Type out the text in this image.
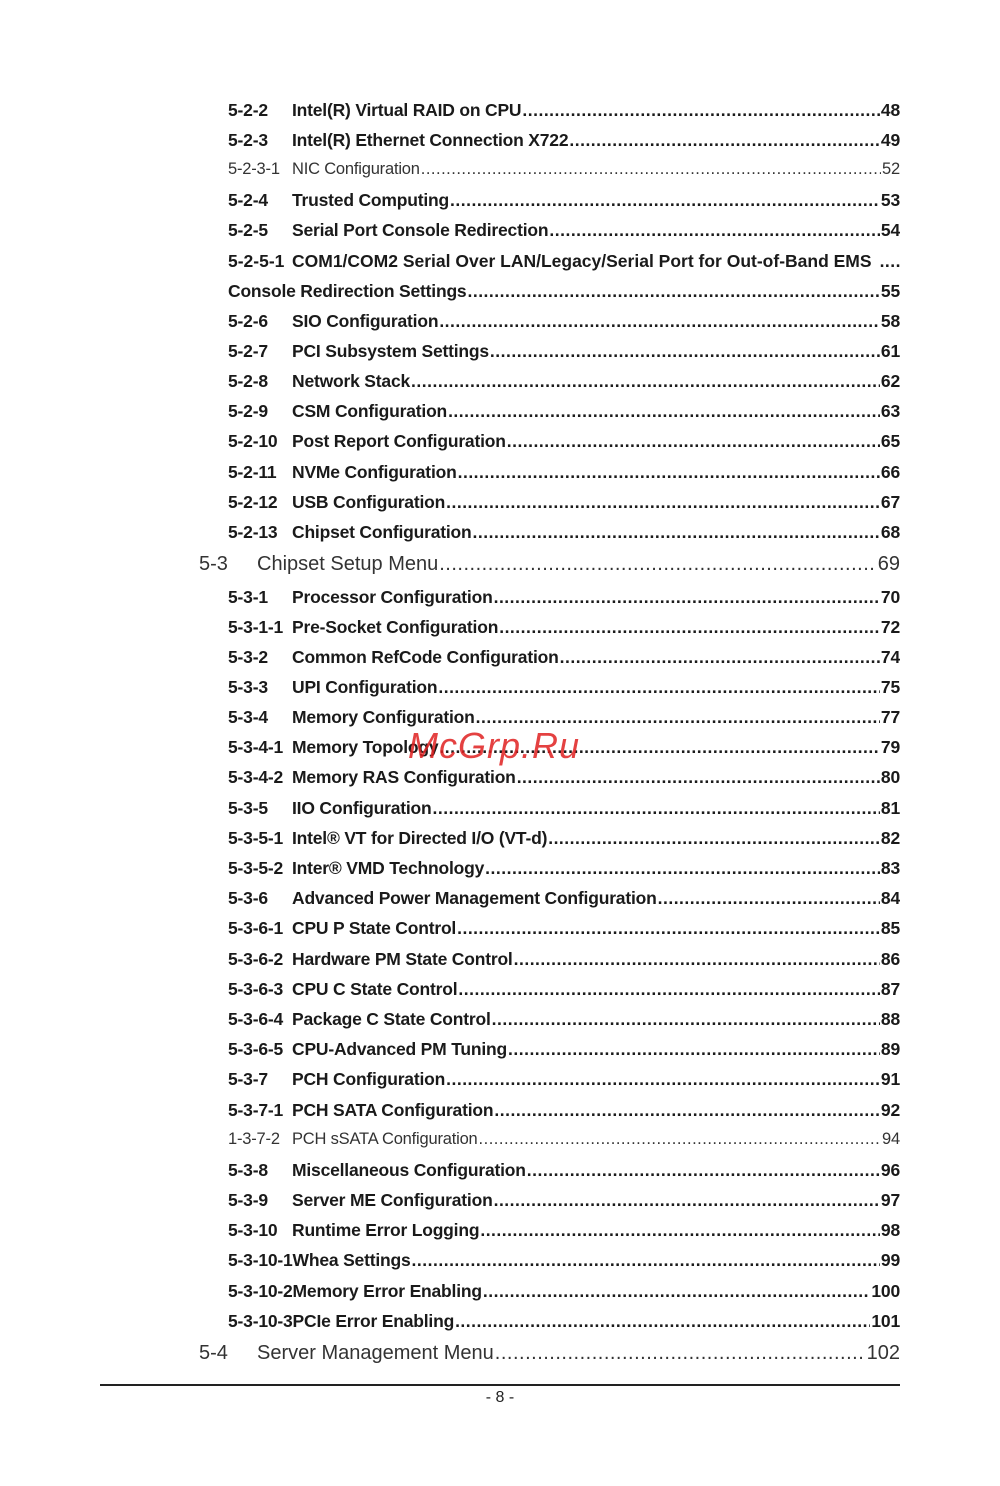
5-2-2	Intel(R) Virtual RAID on CPU .....	48
5-2-3	Intel(R) Ethernet Connection X722 .....	49
5-2-3-1 NIC Configuration .....	52
5-2-4	Trusted Computing .....	53
5-2-5	Serial Port Console Redirection .....	54
5-2-5-1 COM1/COM2 Serial Over LAN/Legacy/Serial Port for Out-of-Band EMS
.....
Console Redirection Settings .....	55
5-2-6	SIO Configuration .....	58
5-2-7	PCI Subsystem Settings .....	61
5-2-8	Network Stack .....	62
5-2-9	CSM Configuration .....	63
5-2-10 Post Report Configuration .....	65
5-2-11 NVMe Configuration .....	66
5-2-12 USB Configuration .....	67
5-2-13 Chipset Configuration .....	68
5-3	Chipset Setup Menu .....	69
5-3-1	Processor Configuration .....	70
5-3-1-1 Pre-Socket Configuration .....	72
5-3-2	Common RefCode Configuration .....	74
5-3-3	UPI Configuration .....	75
5-3-4	Memory Configuration .....	77
5-3-4-1 Memory Topology .....	79
5-3-4-2 Memory RAS Configuration .....	80
5-3-5	IIO Configuration .....	81
5-3-5-1 Intel® VT for Directed I/O (VT-d) .....	82
5-3-5-2 Inter® VMD Technology .....	83
5-3-6	Advanced Power Management Configuration .....	84
5-3-6-1 CPU P State Control .....	85
5-3-6-2 Hardware PM State Control .....	86
5-3-6-3 CPU C State Control .....	87
5-3-6-4 Package C State Control .....	88
5-3-6-5 CPU-Advanced PM Tuning .....	89
5-3-7	PCH Configuration .....	91
5-3-7-1 PCH SATA Configuration .....	92
1-3-7-2 PCH sSATA Configuration .....	94
5-3-8	Miscellaneous Configuration .....	96
5-3-9	Server ME Configuration .....	97
5-3-10 Runtime Error Logging .....	98
5-3-10-1 Whea Settings .....	99
5-3-10-2 Memory Error Enabling .....	100
5-3-10-3 PCIe Error Enabling .....	101
5-4	Server Management Menu .....	102
McGrp.Ru
- 8 -
